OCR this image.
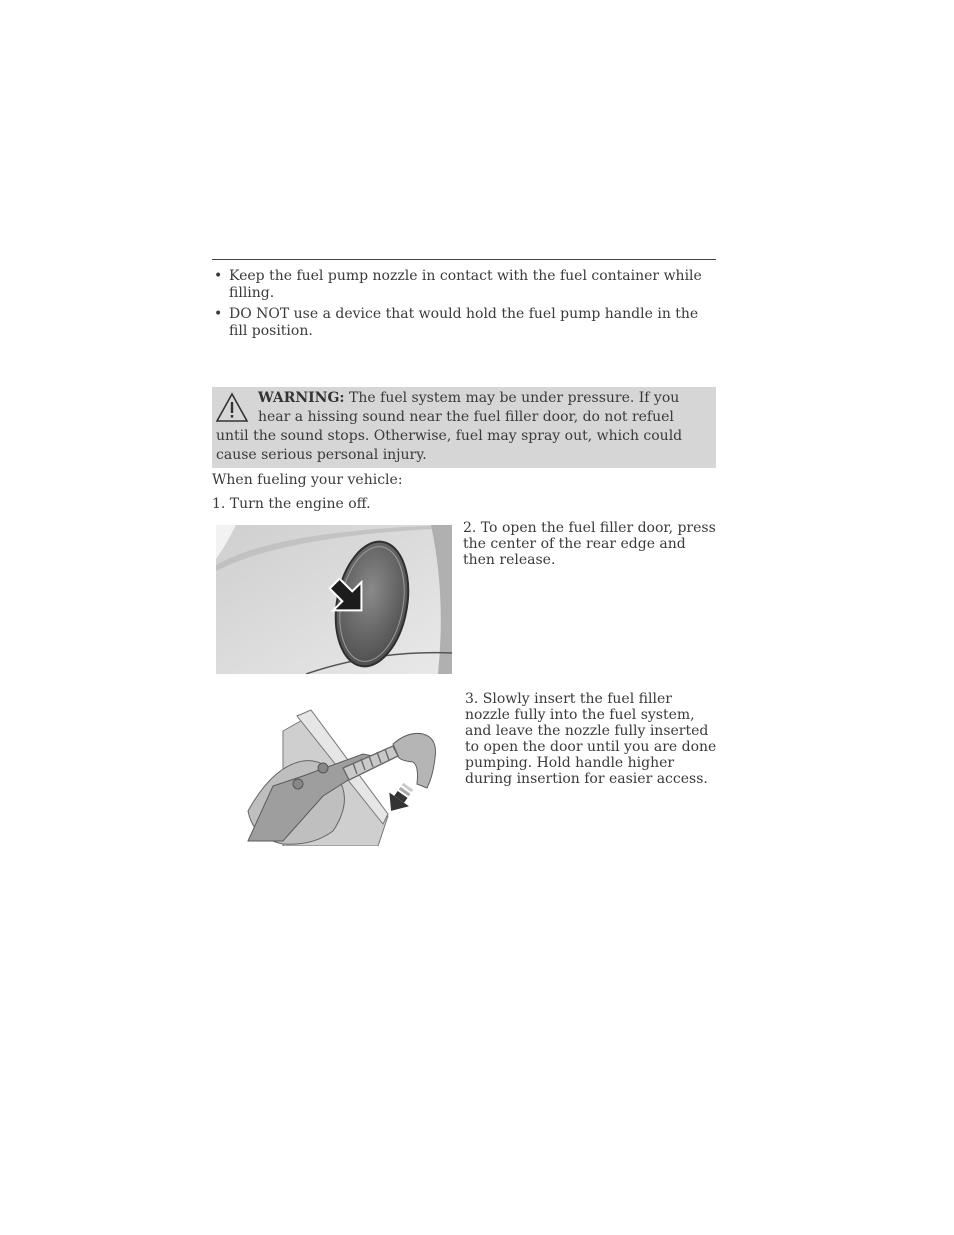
• Keep the fuel pump nozzle in contact with the fuel container while filling.
• DO NOT use a device that would hold the fuel pump handle in the fill position.
WARNING: The fuel system may be under pressure. If you hear a hissing sound near the fuel filler door, do not refuel until the sound stops. Otherwise, fuel may spray out, which could cause serious personal injury.
When fueling your vehicle:
1. Turn the engine off.
2. To open the fuel filler door, press the center of the rear edge and then release.
3. Slowly insert the fuel filler nozzle fully into the fuel system, and leave the nozzle fully inserted to open the door until you are done pumping. Hold handle higher during insertion for easier access.
